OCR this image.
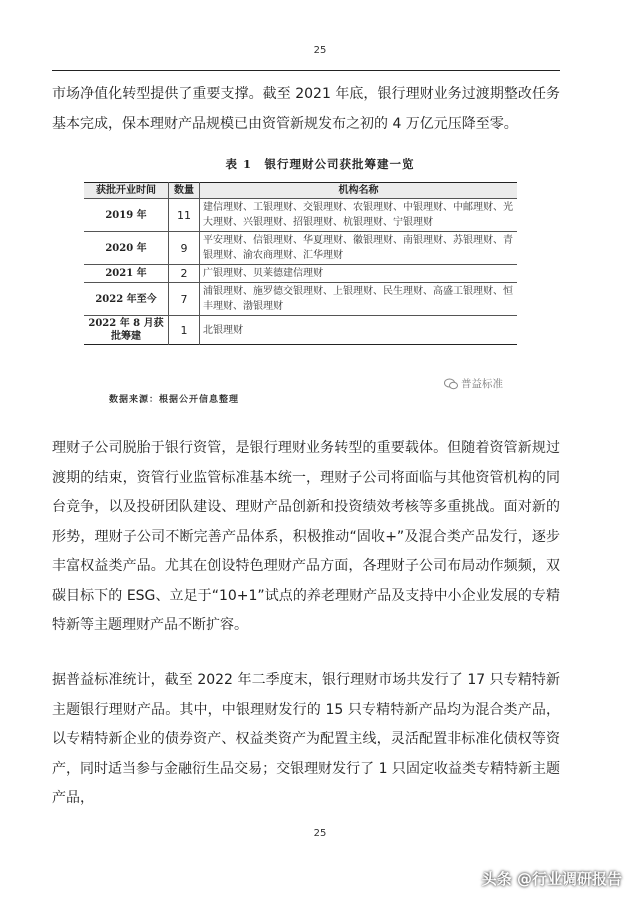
25

市场净值化转型提供了重要支撑。截至 2021 年底，银行理财业务过渡期整改任务基本完成，保本理财产品规模已由资管新规发布之初的 4 万亿元压降至零。

表 1　银行理财公司获批筹建一览
获批开业时间	数量	机构名称
2019 年	11	建信理财、工银理财、交银理财、农银理财、中银理财、中邮理财、光大理财、兴银理财、招银理财、杭银理财、宁银理财
2020 年	9	平安理财、信银理财、华夏理财、徽银理财、南银理财、苏银理财、青银理财、渝农商理财、汇华理财
2021 年	2	广银理财、贝莱德建信理财
2022 年至今	7	浦银理财、施罗德交银理财、上银理财、民生理财、高盛工银理财、恒丰理财、渤银理财
2022 年 8 月获批筹建	1	北银理财
普益标准
数据来源：根据公开信息整理

理财子公司脱胎于银行资管，是银行理财业务转型的重要载体。但随着资管新规过渡期的结束，资管行业监管标准基本统一，理财子公司将面临与其他资管机构的同台竞争，以及投研团队建设、理财产品创新和投资绩效考核等多重挑战。面对新的形势，理财子公司不断完善产品体系，积极推动“固收+”及混合类产品发行，逐步丰富权益类产品。尤其在创设特色理财产品方面，各理财子公司布局动作频频，双碳目标下的 ESG、立足于“10+1”试点的养老理财产品及支持中小企业发展的专精特新等主题理财产品不断扩容。

据普益标准统计，截至 2022 年二季度末，银行理财市场共发行了 17 只专精特新主题银行理财产品。其中，中银理财发行的 15 只专精特新产品均为混合类产品，以专精特新企业的债券资产、权益类资产为配置主线，灵活配置非标准化债权等资产，同时适当参与金融衍生品交易；交银理财发行了 1 只固定收益类专精特新主题产品，

25
头条 @行业调研报告
